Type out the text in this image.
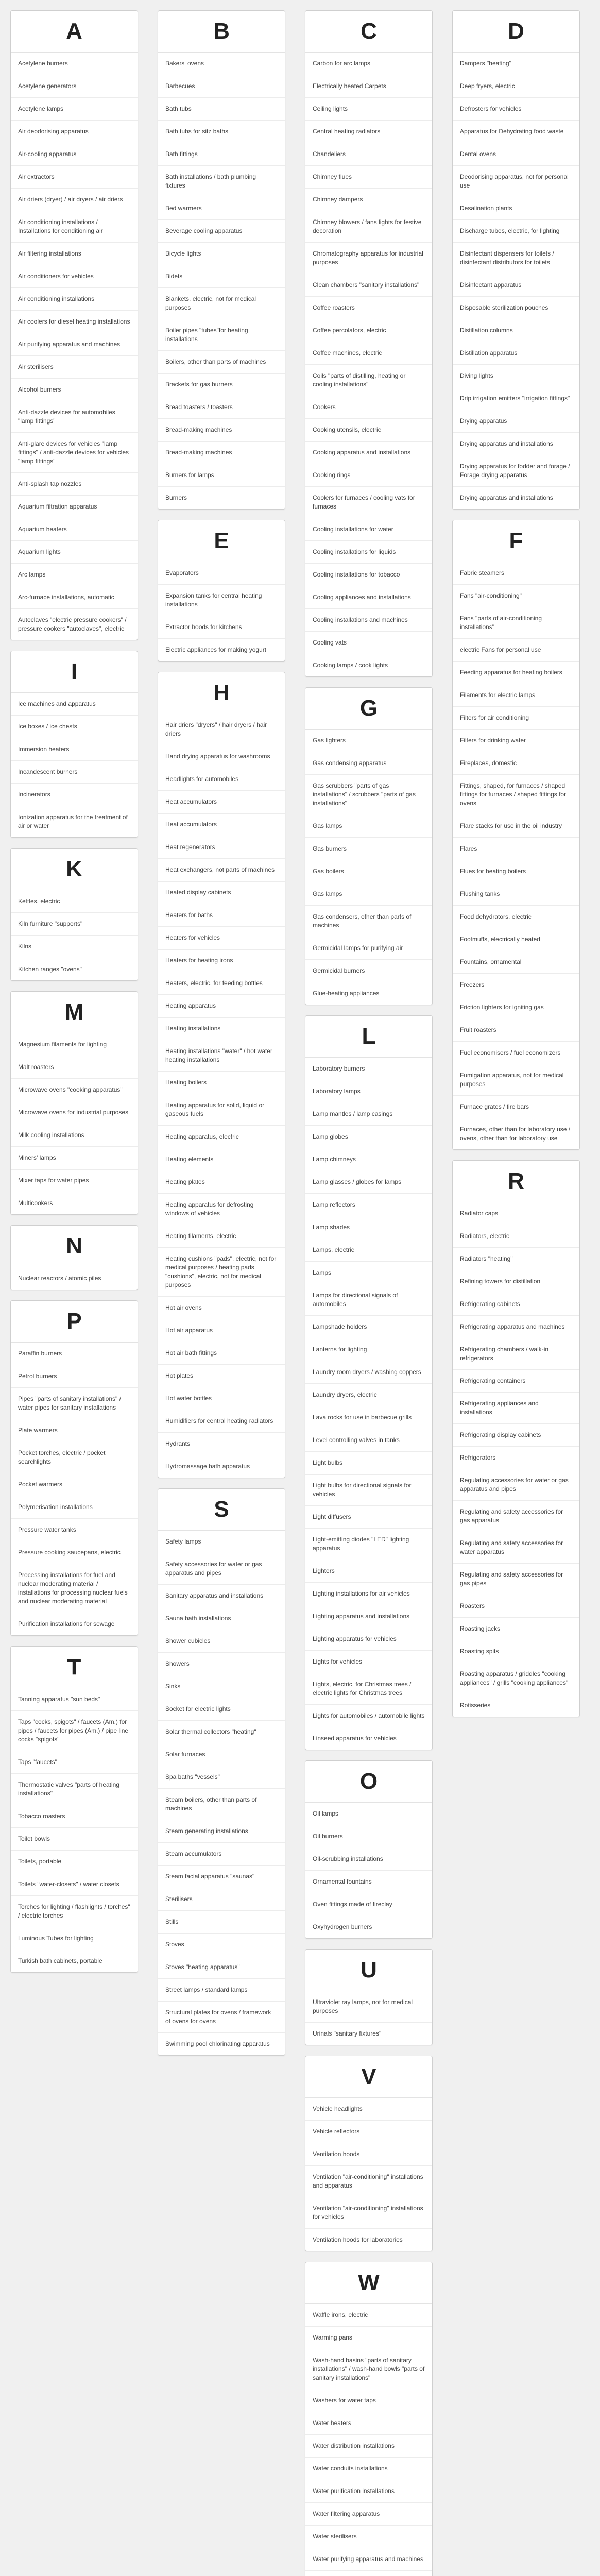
A
Acetylene burners
Acetylene generators
Acetylene lamps
Air deodorising apparatus
Air-cooling apparatus
Air extractors
Air driers (dryer) / air dryers / air driers
Air conditioning installations / Installations for conditioning air
Air filtering installations
Air conditioners for vehicles
Air conditioning installations
Air coolers for diesel heating installations
Air purifying apparatus and machines
Air sterilisers
Alcohol burners
Anti-dazzle devices for automobiles "lamp fittings"
Anti-glare devices for vehicles "lamp fittings" / anti-dazzle devices for vehicles "lamp fittings"
Anti-splash tap nozzles
Aquarium filtration apparatus
Aquarium heaters
Aquarium lights
Arc lamps
Arc-furnace installations, automatic
Autoclaves "electric pressure cookers" / pressure cookers "autoclaves", electric
I
Ice machines and apparatus
Ice boxes / ice chests
Immersion heaters
Incandescent burners
Incinerators
Ionization apparatus for the treatment of air or water
K
Kettles, electric
Kiln furniture "supports"
Kilns
Kitchen ranges "ovens"
M
Magnesium filaments for lighting
Malt roasters
Microwave ovens "cooking apparatus"
Microwave ovens for industrial purposes
Milk cooling installations
Miners' lamps
Mixer taps for water pipes
Multicookers
N
Nuclear reactors / atomic piles
P
Paraffin burners
Petrol burners
Pipes "parts of sanitary installations" / water pipes for sanitary installations
Plate warmers
Pocket torches, electric / pocket searchlights
Pocket warmers
Polymerisation installations
Pressure water tanks
Pressure cooking saucepans, electric
Processing installations for fuel and nuclear moderating material / installations for processing nuclear fuels and nuclear moderating material
Purification installations for sewage
T
Tanning apparatus "sun beds"
Taps "cocks, spigots" / faucets (Am.) for pipes / faucets for pipes (Am.) / pipe line cocks "spigots"
Taps "faucets"
Thermostatic valves "parts of heating installations"
Tobacco roasters
Toilet bowls
Toilets, portable
Toilets "water-closets" / water closets
Torches for lighting / flashlights / torches" / electric torches
Luminous Tubes for lighting
Turkish bath cabinets, portable
B
Bakers' ovens
Barbecues
Bath tubs
Bath tubs for sitz baths
Bath fittings
Bath installations / bath plumbing fixtures
Bed warmers
Beverage cooling apparatus
Bicycle lights
Bidets
Blankets, electric, not for medical purposes
Boiler pipes "tubes"for heating installations
Boilers, other than parts of machines
Brackets for gas burners
Bread toasters / toasters
Bread-making machines
Bread-making machines
Burners for lamps
Burners
E
Evaporators
Expansion tanks for central heating installations
Extractor hoods for kitchens
Electric appliances for making yogurt
H
Hair driers "dryers" / hair dryers / hair driers
Hand drying apparatus for washrooms
Headlights for automobiles
Heat accumulators
Heat accumulators
Heat regenerators
Heat exchangers, not parts of machines
Heated display cabinets
Heaters for baths
Heaters for vehicles
Heaters for heating irons
Heaters, electric, for feeding bottles
Heating apparatus
Heating installations
Heating installations "water" / hot water heating installations
Heating boilers
Heating apparatus for solid, liquid or gaseous fuels
Heating apparatus, electric
Heating elements
Heating plates
Heating apparatus for defrosting windows of vehicles
Heating filaments, electric
Heating cushions "pads", electric, not for medical purposes / heating pads "cushions", electric, not for medical purposes
Hot air ovens
Hot air apparatus
Hot air bath fittings
Hot plates
Hot water bottles
Humidifiers for central heating radiators
Hydrants
Hydromassage bath apparatus
S
Safety lamps
Safety accessories for water or gas apparatus and pipes
Sanitary apparatus and installations
Sauna bath installations
Shower cubicles
Showers
Sinks
Socket for electric lights
Solar thermal collectors "heating"
Solar furnaces
Spa baths "vessels"
Steam boilers, other than parts of machines
Steam generating installations
Steam accumulators
Steam facial apparatus "saunas"
Sterilisers
Stills
Stoves
Stoves "heating apparatus"
Street lamps / standard lamps
Structural plates for ovens / framework of ovens for ovens
Swimming pool chlorinating apparatus
C
Carbon for arc lamps
Electrically heated Carpets
Ceiling lights
Central heating radiators
Chandeliers
Chimney flues
Chimney dampers
Chimney blowers / fans lights for festive decoration
Chromatography apparatus for industrial purposes
Clean chambers "sanitary installations"
Coffee roasters
Coffee percolators, electric
Coffee machines, electric
Coils "parts of distilling, heating or cooling installations"
Cookers
Cooking utensils, electric
Cooking apparatus and installations
Cooking rings
Coolers for furnaces / cooling vats for furnaces
Cooling installations for water
Cooling installations for liquids
Cooling installations for tobacco
Cooling appliances and installations
Cooling installations and machines
Cooling vats
Cooking lamps / cook lights
G
Gas lighters
Gas condensing apparatus
Gas scrubbers "parts of gas installations" / scrubbers "parts of gas installations"
Gas lamps
Gas burners
Gas boilers
Gas lamps
Gas condensers, other than parts of machines
Germicidal lamps for purifying air
Germicidal burners
Glue-heating appliances
L
Laboratory burners
Laboratory lamps
Lamp mantles / lamp casings
Lamp globes
Lamp chimneys
Lamp glasses / globes for lamps
Lamp reflectors
Lamp shades
Lamps, electric
Lamps
Lamps for directional signals of automobiles
Lampshade holders
Lanterns for lighting
Laundry room dryers / washing coppers
Laundry dryers, electric
Lava rocks for use in barbecue grills
Level controlling valves in tanks
Light bulbs
Light bulbs for directional signals for vehicles
Light diffusers
Light-emitting diodes "LED" lighting apparatus
Lighters
Lighting installations for air vehicles
Lighting apparatus and installations
Lighting apparatus for vehicles
Lights for vehicles
Lights, electric, for Christmas trees / electric lights for Christmas trees
Lights for automobiles / automobile lights
Linseed apparatus for vehicles
O
Oil lamps
Oil burners
Oil-scrubbing installations
Ornamental fountains
Oven fittings made of fireclay
Oxyhydrogen burners
U
Ultraviolet ray lamps, not for medical purposes
Urinals "sanitary fixtures"
V
Vehicle headlights
Vehicle reflectors
Ventilation hoods
Ventilation "air-conditioning" installations and apparatus
Ventilation "air-conditioning" installations for vehicles
Ventilation hoods for laboratories
W
Waffle irons, electric
Warming pans
Wash-hand basins "parts of sanitary installations" / wash-hand bowls "parts of sanitary installations"
Washers for water taps
Water heaters
Water distribution installations
Water conduits installations
Water purification installations
Water filtering apparatus
Water sterilisers
Water purifying apparatus and machines
D
Dampers "heating"
Deep fryers, electric
Defrosters for vehicles
Apparatus for Dehydrating food waste
Dental ovens
Deodorising apparatus, not for personal use
Desalination plants
Discharge tubes, electric, for lighting
Disinfectant dispensers for toilets / disinfectant distributors for toilets
Disinfectant apparatus
Disposable sterilization pouches
Distillation columns
Distillation apparatus
Diving lights
Drip irrigation emitters "irrigation fittings"
Drying apparatus
Drying apparatus and installations
Drying apparatus for fodder and forage / Forage drying apparatus
Drying apparatus and installations
F
Fabric steamers
Fans "air-conditioning"
Fans "parts of air-conditioning installations"
electric Fans for personal use
Feeding apparatus for heating boilers
Filaments for electric lamps
Filters for air conditioning
Filters for drinking water
Fireplaces, domestic
Fittings, shaped, for furnaces / shaped fittings for furnaces / shaped fittings for ovens
Flare stacks for use in the oil industry
Flares
Flues for heating boilers
Flushing tanks
Food dehydrators, electric
Footmuffs, electrically heated
Fountains, ornamental
Freezers
Friction lighters for igniting gas
Fruit roasters
Fuel economisers / fuel economizers
Fumigation apparatus, not for medical purposes
Furnace grates / fire bars
Furnaces, other than for laboratory use / ovens, other than for laboratory use
R
Radiator caps
Radiators, electric
Radiators "heating"
Refining towers for distillation
Refrigerating cabinets
Refrigerating apparatus and machines
Refrigerating chambers / walk-in refrigerators
Refrigerating containers
Refrigerating appliances and installations
Refrigerating display cabinets
Refrigerators
Regulating accessories for water or gas apparatus and pipes
Regulating and safety accessories for gas apparatus
Regulating and safety accessories for water apparatus
Regulating and safety accessories for gas pipes
Roasters
Roasting jacks
Roasting spits
Roasting apparatus / griddles "cooking appliances" / grills "cooking appliances"
Rotisseries
